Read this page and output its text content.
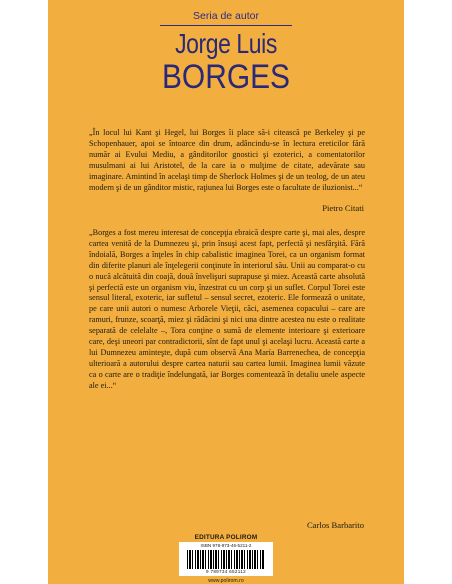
Seria de autor
Jorge Luis
BORGES
„În locul lui Kant şi Hegel, lui Borges îi place să-i citească pe Berkeley şi pe Schopenhauer, apoi se întoarce din drum, adâncindu-se în lectura ereticilor fără număr ai Evului Mediu, a gânditorilor gnostici şi ezoterici, a comentatorilor musulmani ai lui Aristotel, de la care ia o mulţime de citate, adevărate sau imaginare. Amintind în acelaşi timp de Sherlock Holmes şi de un teolog, de un ateu modern şi de un gânditor mistic, raţiunea lui Borges este o facultate de iluzionist...“
Pietro Citati
„Borges a fost mereu interesat de concepţia ebraică despre carte şi, mai ales, despre cartea venită de la Dumnezeu şi, prin însuşi acest fapt, perfectă şi nesfârşită. Fără îndoială, Borges a înţeles în chip cabalistic imaginea Torei, ca un organism format din diferite planuri ale înţelegerii conţinute în interiorul său. Unii au comparat-o cu o nucă alcătuită din coajă, două învelişuri suprapuse şi miez. Această carte absolută şi perfectă este un organism viu, înzestrat cu un corp şi un suflet. Corpul Torei este sensul literal, exoteric, iar sufletul – sensul secret, ezoteric. Ele formează o unitate, pe care unii autori o numesc Arborele Vieţii, căci, asemenea copacului – care are ramuri, frunze, scoarţă, miez şi rădăcini şi nici una dintre acestea nu este o realitate separată de celelalte –, Tora conţine o sumă de elemente interioare şi exterioare care, deşi uneori par contradictorii, sînt de fapt unul şi acelaşi lucru. Această carte a lui Dumnezeu aminteşte, după cum observă Ana María Barrenechea, de concepţia ulterioară a autorului despre cartea naturii sau cartea lumii. Imaginea lumii văzute ca o carte are o tradiţie îndelungată, iar Borges comentează în detaliu unele aspecte ale ei...“
Carlos Barbarito
EDITURA POLIROM
ISBN 978-973-46-5211-2
9 789734 652112
www.polirom.ro
